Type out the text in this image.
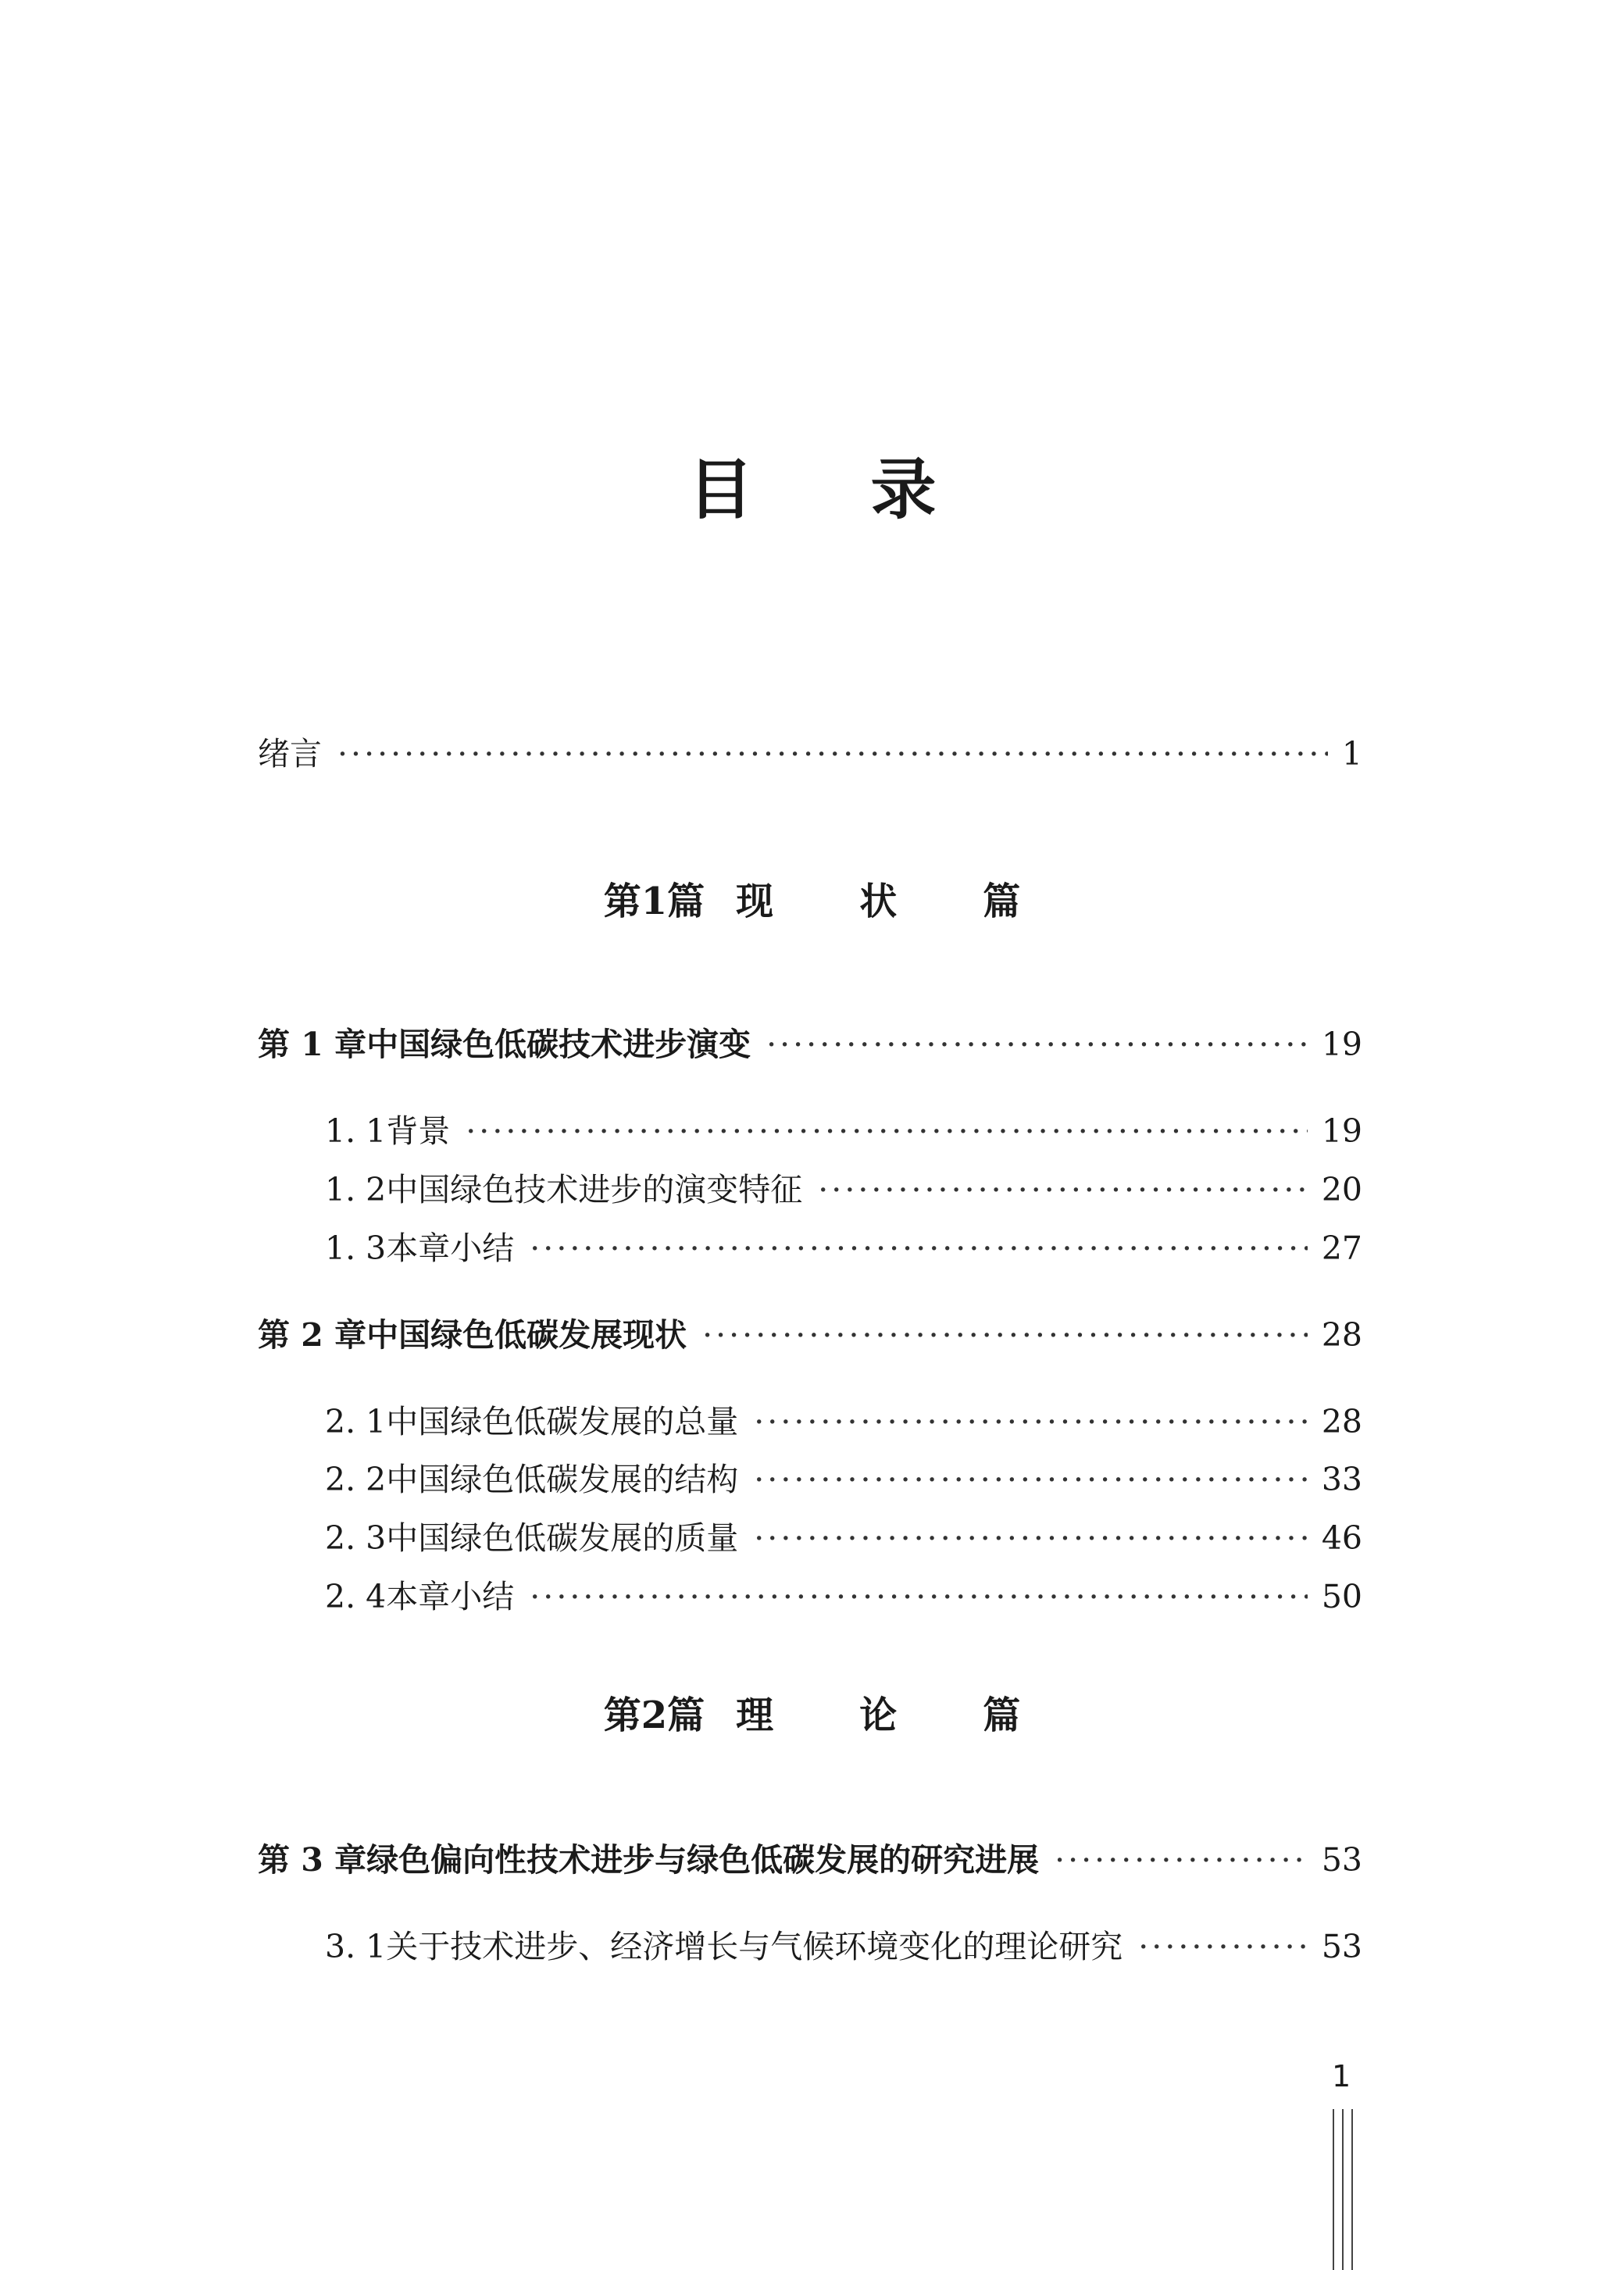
目 录
绪言 ·····	1
第 1 章 中国绿色低碳技术进步演变 ·····	19
1. 1 背景 ·····	19
1. 2 中国绿色技术进步的演变特征 ·····	20
1. 3 本章小结 ·····	27
第 2 章 中国绿色低碳发展现状 ·····	28
2. 1 中国绿色低碳发展的总量 ·····	28
2. 2 中国绿色低碳发展的结构 ·····	33
2. 3 中国绿色低碳发展的质量 ·····	46
2. 4 本章小结 ·····	50
第 3 章 绿色偏向性技术进步与绿色低碳发展的研究进展 ·····	53
3. 1 关于技术进步、经济增长与气候环境变化的理论研究 ·····	53
第1篇 现 状 篇
第2篇 理 论 篇
1
